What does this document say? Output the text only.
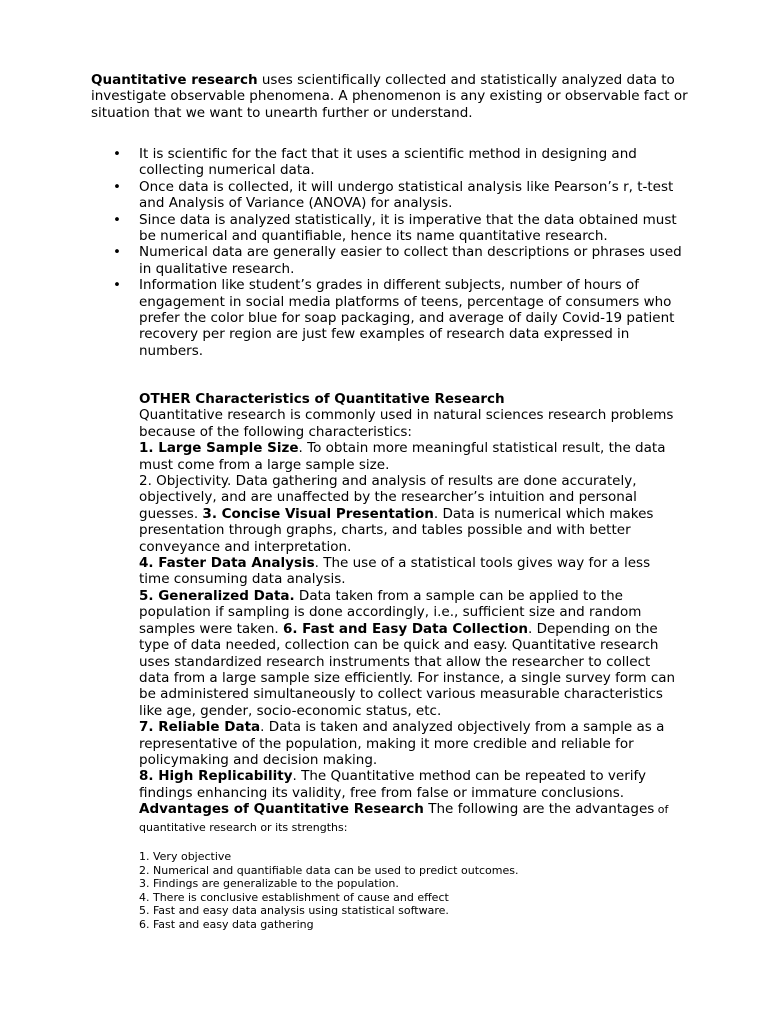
Quantitative research uses scientifically collected and statistically analyzed data to investigate observable phenomena. A phenomenon is any existing or observable fact or situation that we want to unearth further or understand.

• It is scientific for the fact that it uses a scientific method in designing and collecting numerical data.
• Once data is collected, it will undergo statistical analysis like Pearson’s r, t-test and Analysis of Variance (ANOVA) for analysis.
• Since data is analyzed statistically, it is imperative that the data obtained must be numerical and quantifiable, hence its name quantitative research.
• Numerical data are generally easier to collect than descriptions or phrases used in qualitative research.
• Information like student’s grades in different subjects, number of hours of engagement in social media platforms of teens, percentage of consumers who prefer the color blue for soap packaging, and average of daily Covid-19 patient recovery per region are just few examples of research data expressed in numbers.

OTHER Characteristics of Quantitative Research

Quantitative research is commonly used in natural sciences research problems because of the following characteristics:

1. Large Sample Size. To obtain more meaningful statistical result, the data must come from a large sample size.

2. Objectivity. Data gathering and analysis of results are done accurately, objectively, and are unaffected by the researcher’s intuition and personal guesses. 3. Concise Visual Presentation. Data is numerical which makes presentation through graphs, charts, and tables possible and with better conveyance and interpretation.

4. Faster Data Analysis. The use of a statistical tools gives way for a less time consuming data analysis.

5. Generalized Data. Data taken from a sample can be applied to the population if sampling is done accordingly, i.e., sufficient size and random samples were taken. 6. Fast and Easy Data Collection. Depending on the type of data needed, collection can be quick and easy. Quantitative research uses standardized research instruments that allow the researcher to collect data from a large sample size efficiently. For instance, a single survey form can be administered simultaneously to collect various measurable characteristics like age, gender, socio-economic status, etc.

7. Reliable Data. Data is taken and analyzed objectively from a sample as a representative of the population, making it more credible and reliable for policymaking and decision making.

8. High Replicability. The Quantitative method can be repeated to verify findings enhancing its validity, free from false or immature conclusions.

Advantages of Quantitative Research The following are the advantages of quantitative research or its strengths:

1. Very objective
2. Numerical and quantifiable data can be used to predict outcomes.
3. Findings are generalizable to the population.
4. There is conclusive establishment of cause and effect
5. Fast and easy data analysis using statistical software.
6. Fast and easy data gathering
